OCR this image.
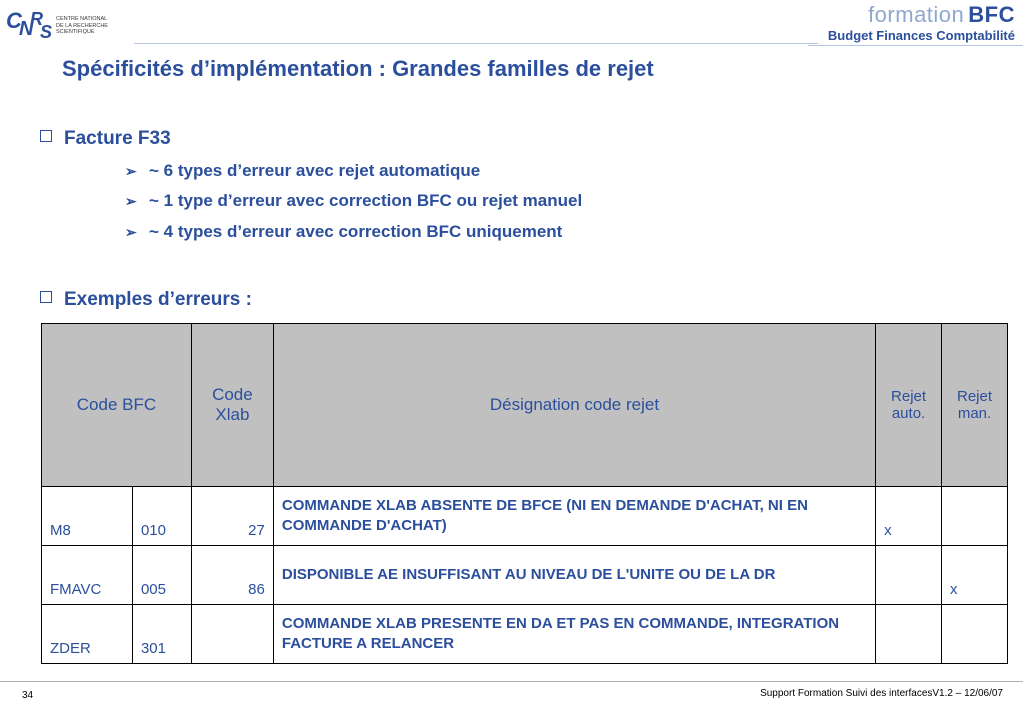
C
N
R
S
CENTRE NATIONAL
DE LA RECHERCHE
SCIENTIFIQUE
formation BFC
Budget Finances Comptabilité
Spécificités d’implémentation : Grandes familles de rejet
Facture F33
➢ ~ 6 types d’erreur avec rejet automatique
➢ ~ 1 type d’erreur avec correction BFC ou rejet manuel
➢ ~ 4 types d’erreur avec correction BFC uniquement
Exemples d’erreurs :
Code BFC		Code Xlab	Désignation code rejet	Rejet auto.	Rejet man.
M8	010	27	COMMANDE XLAB ABSENTE DE BFCE (NI EN DEMANDE D'ACHAT, NI EN COMMANDE D'ACHAT)	x	
FMAVC	005	86	DISPONIBLE AE INSUFFISANT AU NIVEAU DE L'UNITE OU DE LA DR		x
ZDER	301		COMMANDE XLAB PRESENTE EN DA ET PAS EN COMMANDE, INTEGRATION FACTURE A RELANCER		
34	Support Formation Suivi des interfacesV1.2 – 12/06/07
